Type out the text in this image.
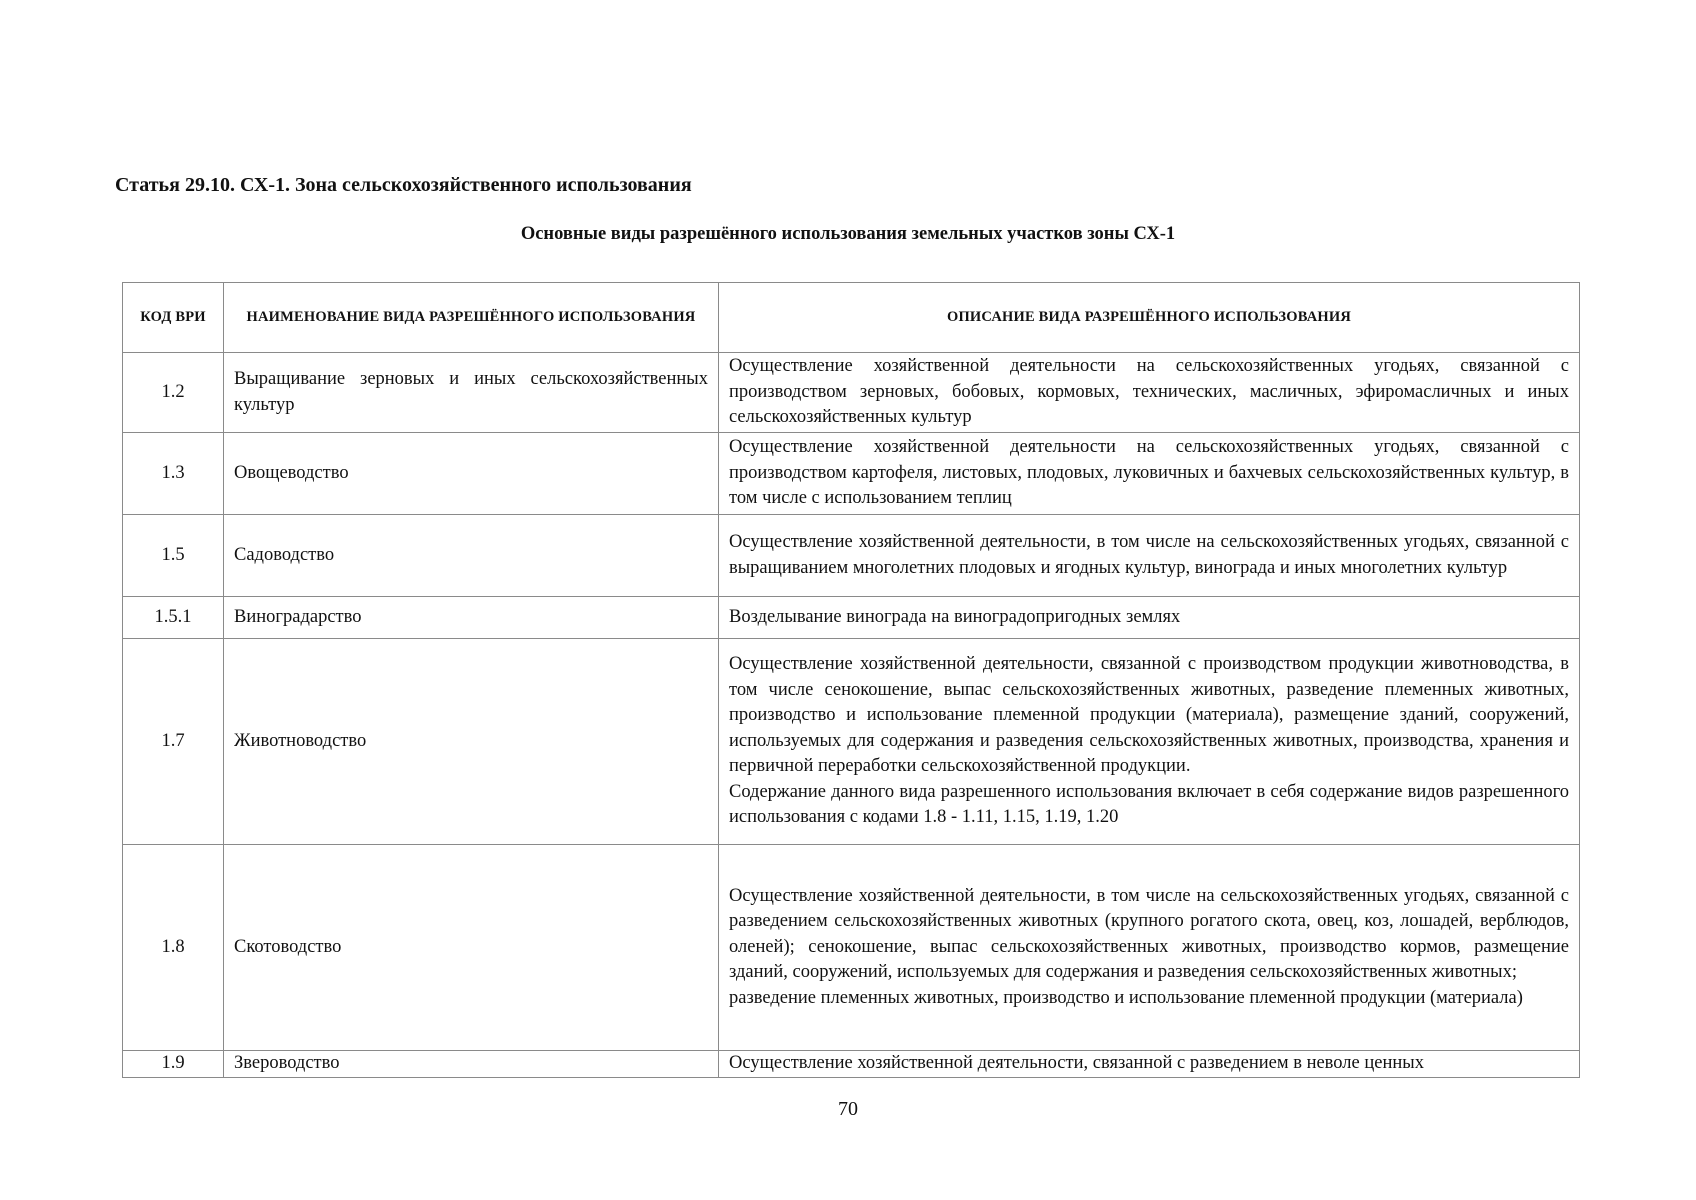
Статья 29.10. СХ-1. Зона сельскохозяйственного использования
Основные виды разрешённого использования земельных участков зоны СХ-1
КОД ВРИ	НАИМЕНОВАНИЕ ВИДА РАЗРЕШЁННОГО ИСПОЛЬЗОВАНИЯ	ОПИСАНИЕ ВИДА РАЗРЕШЁННОГО ИСПОЛЬЗОВАНИЯ
1.2	Выращивание зерновых и иных сельскохозяйственных культур	Осуществление хозяйственной деятельности на сельскохозяйственных угодьях, связанной с производством зерновых, бобовых, кормовых, технических, масличных, эфиромасличных и иных сельскохозяйственных культур

1.3	Овощеводство	Осуществление хозяйственной деятельности на сельскохозяйственных угодьях, связанной с производством картофеля, листовых, плодовых, луковичных и бахчевых сельскохозяйственных культур, в том числе с использованием теплиц

1.5	Садоводство	Осуществление хозяйственной деятельности, в том числе на сельскохозяйственных угодьях, связанной с выращиванием многолетних плодовых и ягодных культур, винограда и иных многолетних культур

1.5.1	Виноградарство	Возделывание винограда на виноградопригодных землях

1.7	Животноводство	Осуществление хозяйственной деятельности, связанной с производством продукции животноводства, в том числе сенокошение, выпас сельскохозяйственных животных, разведение племенных животных, производство и использование племенной продукции (материала), размещение зданий, сооружений, используемых для содержания и разведения сельскохозяйственных животных, производства, хранения и первичной переработки сельскохозяйственной продукции.
Содержание данного вида разрешенного использования включает в себя содержание видов разрешенного использования с кодами 1.8 - 1.11, 1.15, 1.19, 1.20

1.8	Скотоводство	Осуществление хозяйственной деятельности, в том числе на сельскохозяйственных угодьях, связанной с разведением сельскохозяйственных животных (крупного рогатого скота, овец, коз, лошадей, верблюдов, оленей); сенокошение, выпас сельскохозяйственных животных, производство кормов, размещение зданий, сооружений, используемых для содержания и разведения сельскохозяйственных животных;
разведение племенных животных, производство и использование племенной продукции (материала)

1.9	Звероводство	Осуществление хозяйственной деятельности, связанной с разведением в неволе ценных
70
